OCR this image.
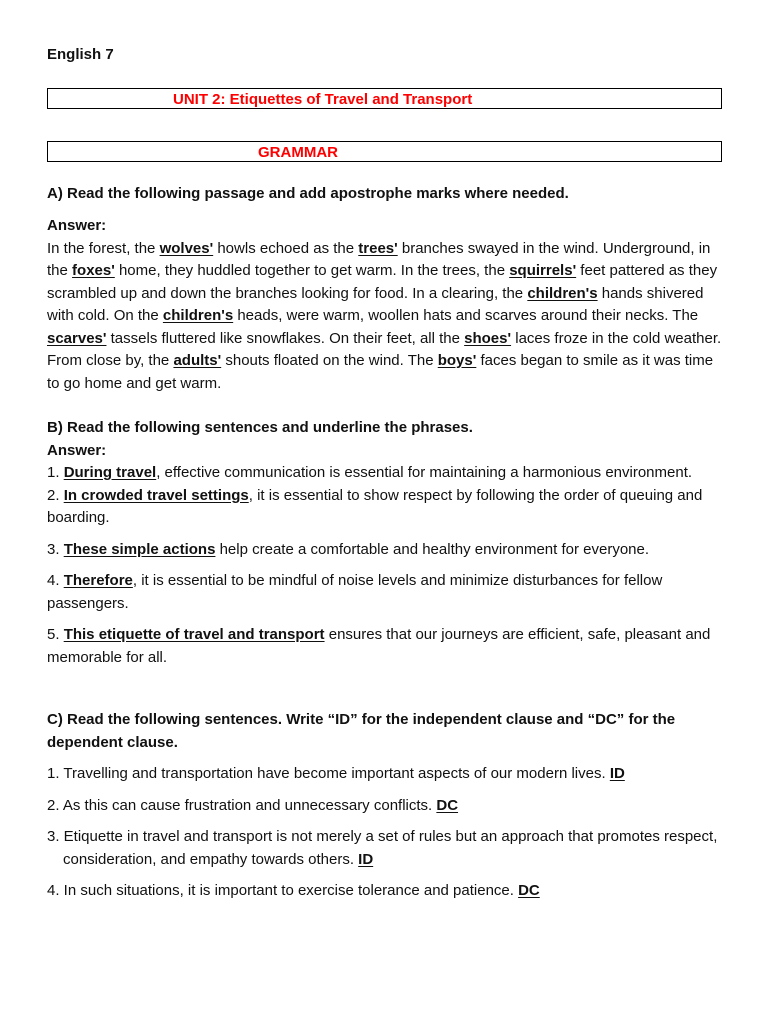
English 7

UNIT 2: Etiquettes of Travel and Transport
GRAMMAR

A) Read the following passage and add apostrophe marks where needed.

Answer:

In the forest, the wolves' howls echoed as the trees' branches swayed in the wind. Underground, in the foxes' home, they huddled together to get warm. In the trees, the squirrels' feet pattered as they scrambled up and down the branches looking for food. In a clearing, the children's hands shivered with cold. On the children's heads, were warm, woollen hats and scarves around their necks. The scarves' tassels fluttered like snowflakes. On their feet, all the shoes' laces froze in the cold weather. From close by, the adults' shouts floated on the wind. The boys' faces began to smile as it was time to go home and get warm.

B) Read the following sentences and underline the phrases.

Answer:

1. During travel, effective communication is essential for maintaining a harmonious environment.

2. In crowded travel settings, it is essential to show respect by following the order of queuing and boarding.

3. These simple actions help create a comfortable and healthy environment for everyone.

4. Therefore, it is essential to be mindful of noise levels and minimize disturbances for fellow passengers.

5. This etiquette of travel and transport ensures that our journeys are efficient, safe, pleasant and memorable for all.

C) Read the following sentences. Write “ID” for the independent clause and “DC” for the dependent clause.

1. Travelling and transportation have become important aspects of our modern lives. ID

2. As this can cause frustration and unnecessary conflicts. DC

3. Etiquette in travel and transport is not merely a set of rules but an approach that promotes respect, consideration, and empathy towards others. ID

4. In such situations, it is important to exercise tolerance and patience. DC
